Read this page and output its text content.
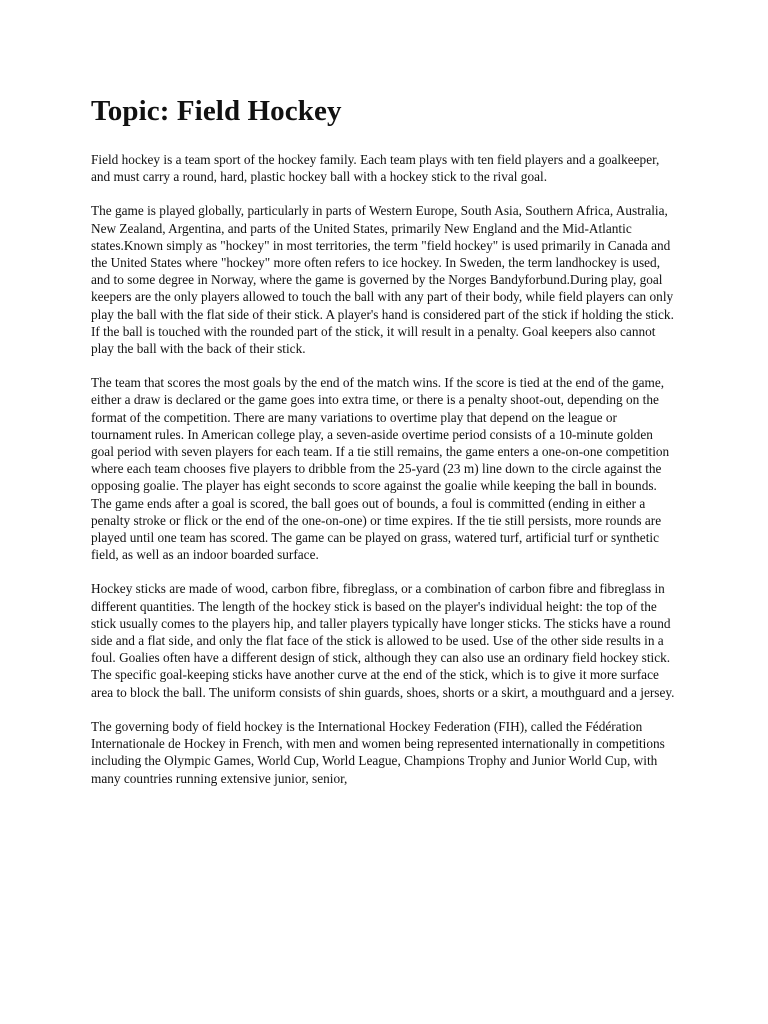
Topic: Field Hockey

Field hockey is a team sport of the hockey family. Each team plays with ten field players and a goalkeeper, and must carry a round, hard, plastic hockey ball with a hockey stick to the rival goal.

The game is played globally, particularly in parts of Western Europe, South Asia, Southern Africa, Australia, New Zealand, Argentina, and parts of the United States, primarily New England and the Mid-Atlantic states.Known simply as "hockey" in most territories, the term "field hockey" is used primarily in Canada and the United States where "hockey" more often refers to ice hockey. In Sweden, the term landhockey is used, and to some degree in Norway, where the game is governed by the Norges Bandyforbund.During play, goal keepers are the only players allowed to touch the ball with any part of their body, while field players can only play the ball with the flat side of their stick. A player's hand is considered part of the stick if holding the stick. If the ball is touched with the rounded part of the stick, it will result in a penalty. Goal keepers also cannot play the ball with the back of their stick.

The team that scores the most goals by the end of the match wins. If the score is tied at the end of the game, either a draw is declared or the game goes into extra time, or there is a penalty shoot-out, depending on the format of the competition. There are many variations to overtime play that depend on the league or tournament rules. In American college play, a seven-aside overtime period consists of a 10-minute golden goal period with seven players for each team. If a tie still remains, the game enters a one-on-one competition where each team chooses five players to dribble from the 25-yard (23 m) line down to the circle against the opposing goalie. The player has eight seconds to score against the goalie while keeping the ball in bounds. The game ends after a goal is scored, the ball goes out of bounds, a foul is committed (ending in either a penalty stroke or flick or the end of the one-on-one) or time expires. If the tie still persists, more rounds are played until one team has scored. The game can be played on grass, watered turf, artificial turf or synthetic field, as well as an indoor boarded surface.

Hockey sticks are made of wood, carbon fibre, fibreglass, or a combination of carbon fibre and fibreglass in different quantities. The length of the hockey stick is based on the player's individual height: the top of the stick usually comes to the players hip, and taller players typically have longer sticks. The sticks have a round side and a flat side, and only the flat face of the stick is allowed to be used. Use of the other side results in a foul. Goalies often have a different design of stick, although they can also use an ordinary field hockey stick. The specific goal-keeping sticks have another curve at the end of the stick, which is to give it more surface area to block the ball. The uniform consists of shin guards, shoes, shorts or a skirt, a mouthguard and a jersey.

The governing body of field hockey is the International Hockey Federation (FIH), called the Fédération Internationale de Hockey in French, with men and women being represented internationally in competitions including the Olympic Games, World Cup, World League, Champions Trophy and Junior World Cup, with many countries running extensive junior, senior,
